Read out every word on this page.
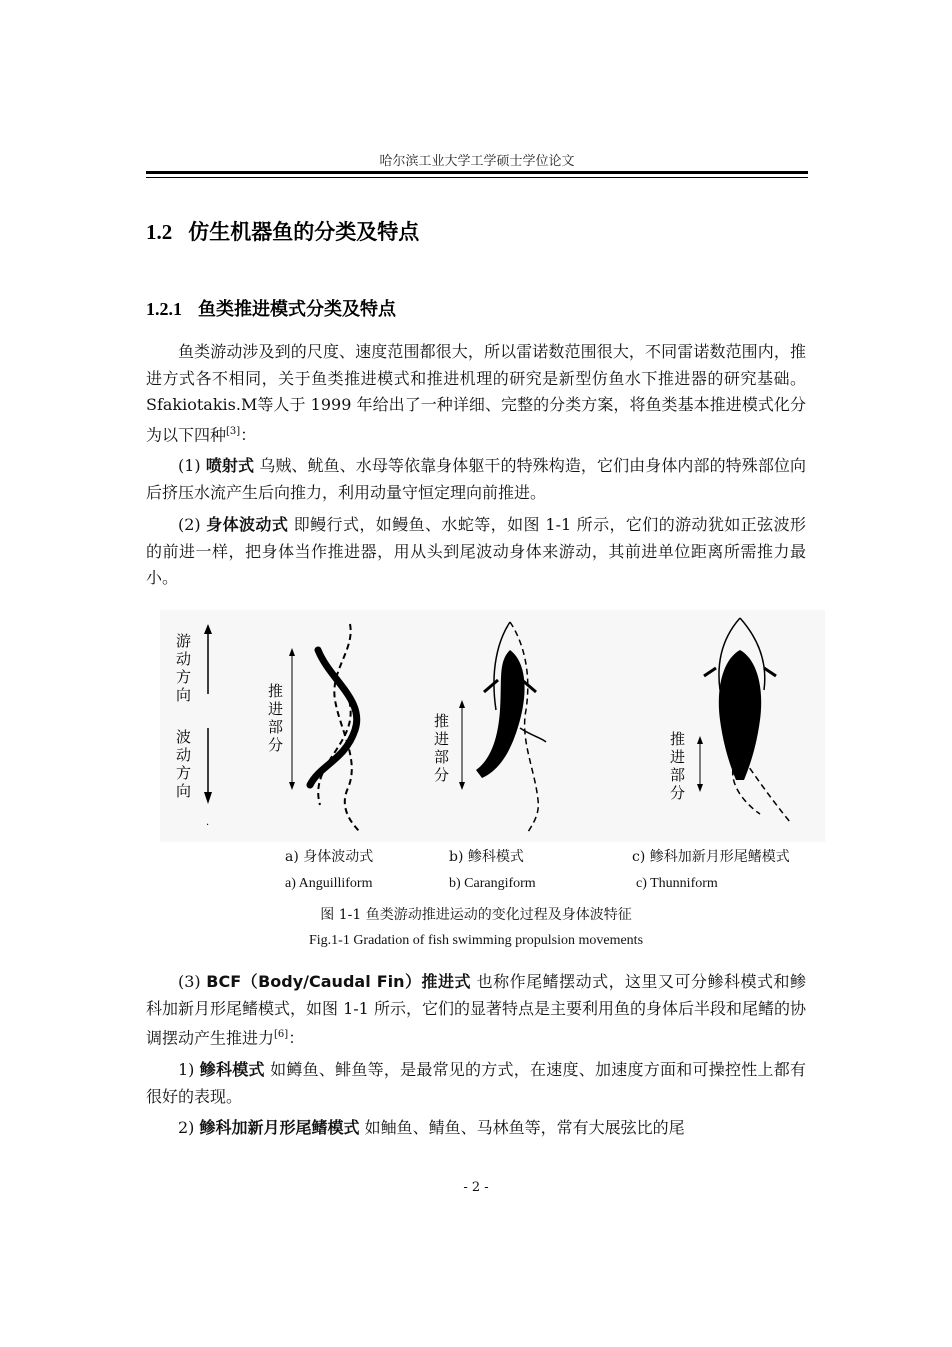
哈尔滨工业大学工学硕士学位论文
1.2 仿生机器鱼的分类及特点
1.2.1 鱼类推进模式分类及特点

鱼类游动涉及到的尺度、速度范围都很大，所以雷诺数范围很大，不同雷诺数范围内，推进方式各不相同，关于鱼类推进模式和推进机理的研究是新型仿鱼水下推进器的研究基础。Sfakiotakis.M等人于 1999 年给出了一种详细、完整的分类方案，将鱼类基本推进模式化分为以下四种[3]：

(1) 喷射式 乌贼、鱿鱼、水母等依靠身体躯干的特殊构造，它们由身体内部的特殊部位向后挤压水流产生后向推力，利用动量守恒定理向前推进。

(2) 身体波动式 即鳗行式，如鳗鱼、水蛇等，如图 1-1 所示，它们的游动犹如正弦波形的前进一样，把身体当作推进器，用从头到尾波动身体来游动，其前进单位距离所需推力最小。

游
动
方
向
波
动
方
向
·
推
进
部
分
推
进
部
分
推
进
部
分
a) 身体波动式	b) 鲹科模式	c) 鲹科加新月形尾鳍模式
a) Anguilliform	b) Carangiform	c) Thunniform
图 1-1 鱼类游动推进运动的变化过程及身体波特征
Fig.1-1 Gradation of fish swimming propulsion movements

(3) BCF（Body/Caudal Fin）推进式 也称作尾鳍摆动式，这里又可分鲹科模式和鲹科加新月形尾鳍模式，如图 1-1 所示，它们的显著特点是主要利用鱼的身体后半段和尾鳍的协调摆动产生推进力[6]：

1) 鲹科模式 如鳟鱼、鲱鱼等，是最常见的方式，在速度、加速度方面和可操控性上都有很好的表现。

2) 鲹科加新月形尾鳍模式 如鲉鱼、鲭鱼、马林鱼等，常有大展弦比的尾

- 2 -
